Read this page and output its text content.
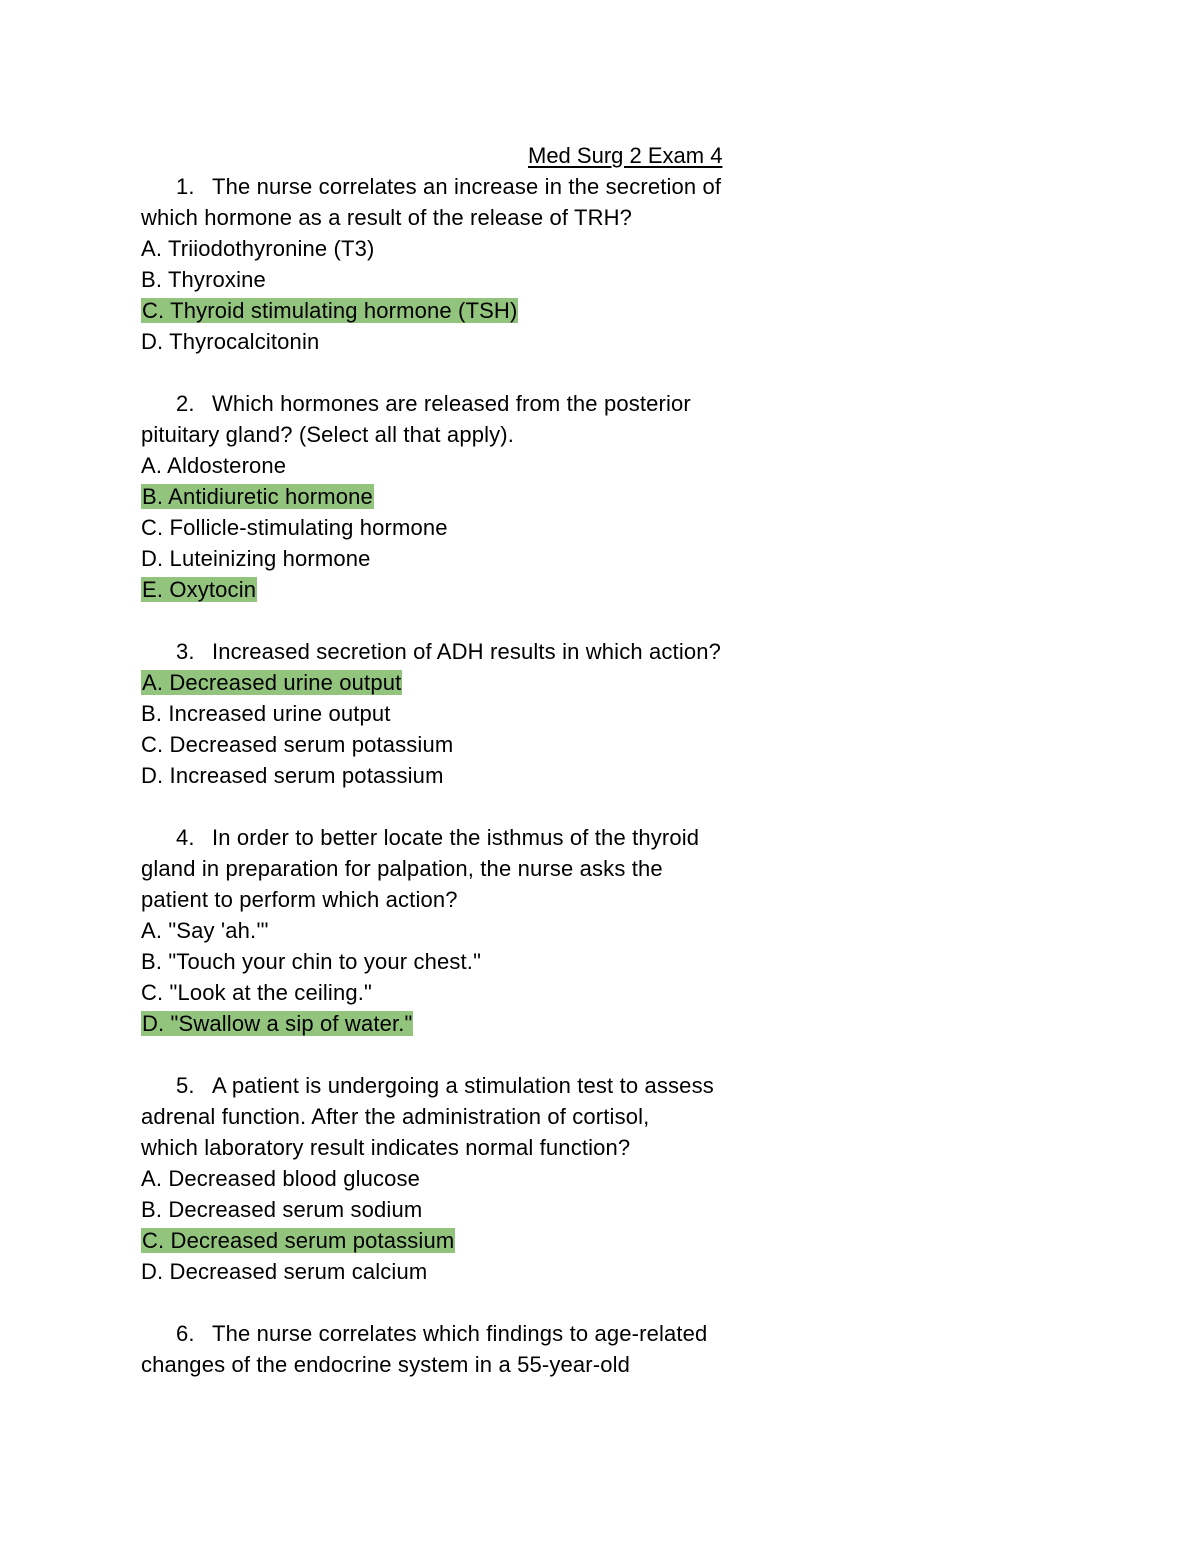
Med Surg 2 Exam 4
1. The nurse correlates an increase in the secretion of
which hormone as a result of the release of TRH?
A. Triiodothyronine (T3)
B. Thyroxine
C. Thyroid stimulating hormone (TSH)
D. Thyrocalcitonin
2. Which hormones are released from the posterior
pituitary gland? (Select all that apply).
A. Aldosterone
B. Antidiuretic hormone
C. Follicle-stimulating hormone
D. Luteinizing hormone
E. Oxytocin
3. Increased secretion of ADH results in which action?
A. Decreased urine output
B. Increased urine output
C. Decreased serum potassium
D. Increased serum potassium
4. In order to better locate the isthmus of the thyroid
gland in preparation for palpation, the nurse asks the
patient to perform which action?
A. "Say 'ah.'"
B. "Touch your chin to your chest."
C. "Look at the ceiling."
D. "Swallow a sip of water."
5. A patient is undergoing a stimulation test to assess
adrenal function. After the administration of cortisol,
which laboratory result indicates normal function?
A. Decreased blood glucose
B. Decreased serum sodium
C. Decreased serum potassium
D. Decreased serum calcium
6. The nurse correlates which findings to age-related
changes of the endocrine system in a 55-year-old
